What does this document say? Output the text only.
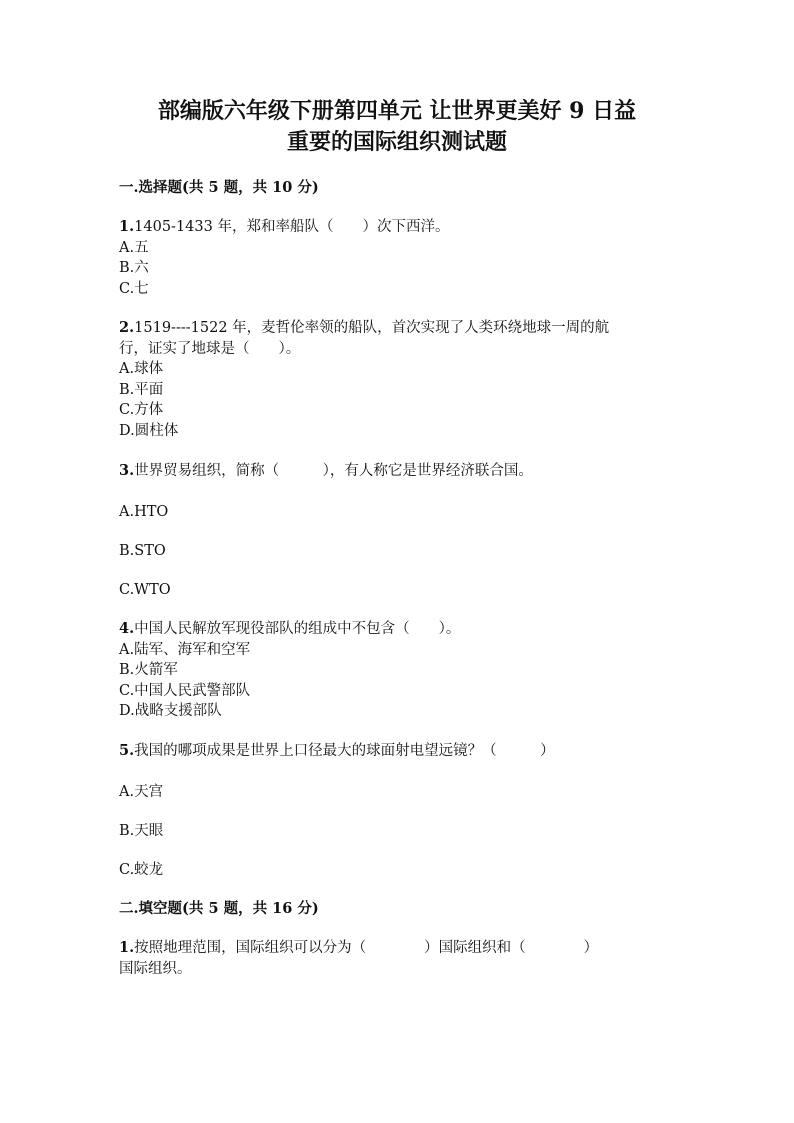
部编版六年级下册第四单元 让世界更美好 9 日益
重要的国际组织测试题
一.选择题(共 5 题，共 10 分)
1.1405-1433 年，郑和率船队（　　）次下西洋。
A.五
B.六
C.七
2.1519----1522 年，麦哲伦率领的船队，首次实现了人类环绕地球一周的航
行，证实了地球是（　　）。
A.球体
B.平面
C.方体
D.圆柱体
3.世界贸易组织，简称（　　　），有人称它是世界经济联合国。
A.HTO
B.STO
C.WTO
4.中国人民解放军现役部队的组成中不包含（　　）。
A.陆军、海军和空军
B.火箭军
C.中国人民武警部队
D.战略支援部队
5.我国的哪项成果是世界上口径最大的球面射电望远镜？（　　　）
A.天宫
B.天眼
C.蛟龙
二.填空题(共 5 题，共 16 分)
1.按照地理范围，国际组织可以分为（　　　　）国际组织和（　　　　）
国际组织。
